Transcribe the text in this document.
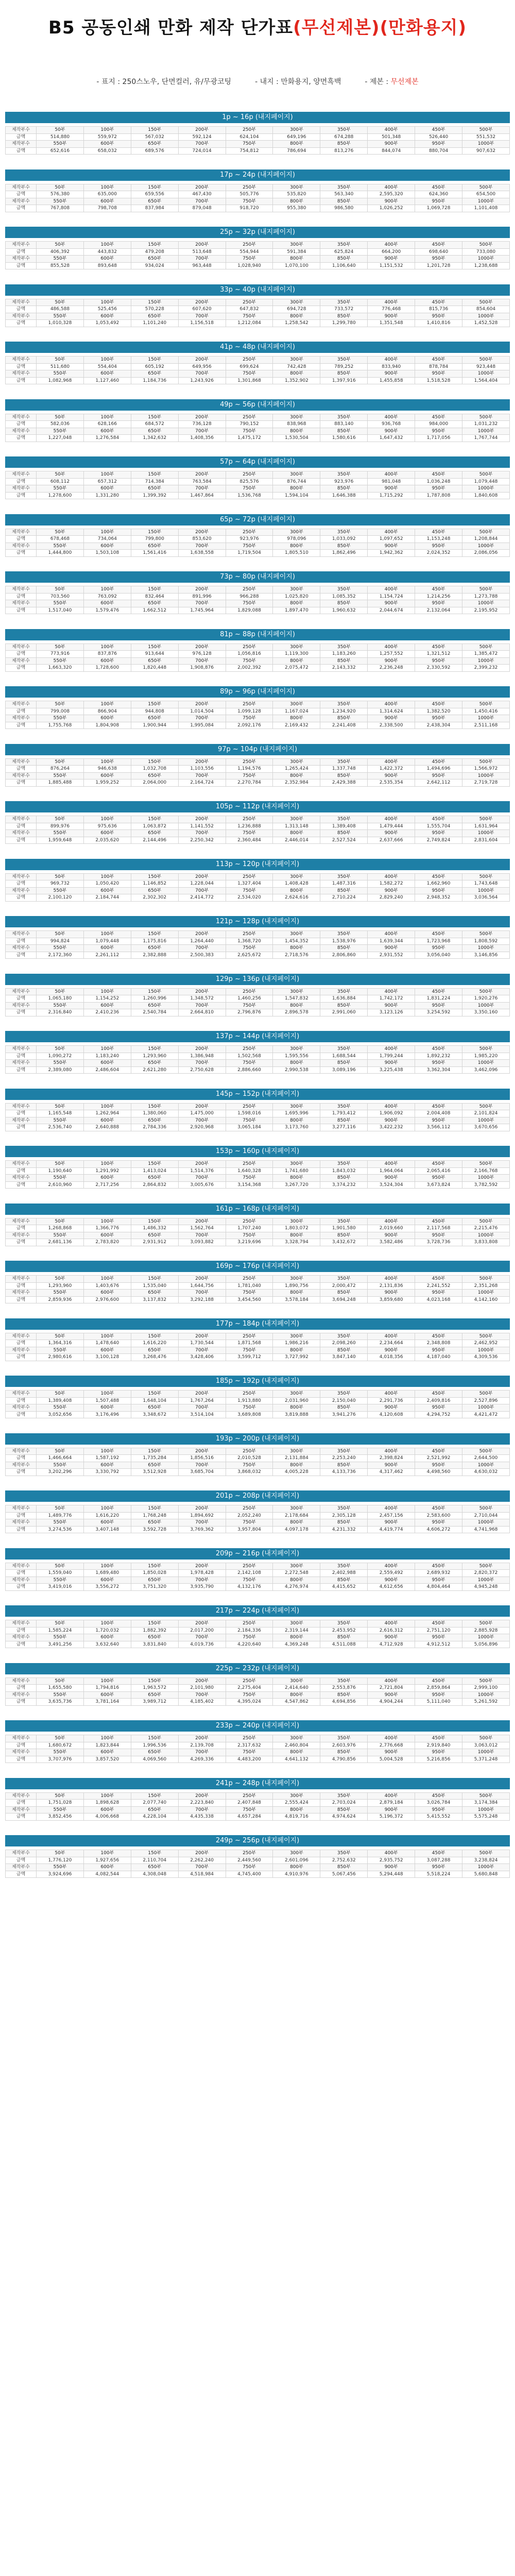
B5 공동인쇄 만화 제작 단가표(무선제본)(만화용지)
- 표지 : 250스노우, 단면컬러, 유/무광코팅	- 내지 : 만화용지, 양면흑백	- 제본 : 무선제본
1p ~ 16p (내지페이지)
제작부수	50부	100부	150부	200부	250부	300부	350부	400부	450부	500부
금액	514,880	559,972	567,032	592,124	624,104	649,196	674,288	501,348	526,440	551,532
제작부수	550부	600부	650부	700부	750부	800부	850부	900부	950부	1000부
금액	652,616	658,032	689,576	724,014	754,812	786,694	813,276	844,074	880,704	907,632
17p ~ 24p (내지페이지)
제작부수	50부	100부	150부	200부	250부	300부	350부	400부	450부	500부
금액	576,380	635,000	659,556	467,430	505,776	535,820	563,340	2,595,320	624,360	654,500
제작부수	550부	600부	650부	700부	750부	800부	850부	900부	950부	1000부
금액	767,808	798,708	837,984	879,048	918,720	955,380	986,580	1,026,252	1,069,728	1,101,408
25p ~ 32p (내지페이지)
제작부수	50부	100부	150부	200부	250부	300부	350부	400부	450부	500부
금액	406,392	443,832	479,208	513,648	554,944	591,384	625,824	664,200	698,640	733,080
제작부수	550부	600부	650부	700부	750부	800부	850부	900부	950부	1000부
금액	855,528	893,648	934,024	963,448	1,028,940	1,070,100	1,106,640	1,151,532	1,201,728	1,238,688
33p ~ 40p (내지페이지)
제작부수	50부	100부	150부	200부	250부	300부	350부	400부	450부	500부
금액	486,588	525,456	570,228	607,620	647,832	694,728	733,572	776,468	815,736	854,604
제작부수	550부	600부	650부	700부	750부	800부	850부	900부	950부	1000부
금액	1,010,328	1,053,492	1,101,240	1,156,518	1,212,084	1,258,542	1,299,780	1,351,548	1,410,816	1,452,528
41p ~ 48p (내지페이지)
제작부수	50부	100부	150부	200부	250부	300부	350부	400부	450부	500부
금액	511,680	554,404	605,192	649,956	699,624	742,428	789,252	833,940	878,784	923,448
제작부수	550부	600부	650부	700부	750부	800부	850부	900부	950부	1000부
금액	1,082,968	1,127,460	1,184,736	1,243,926	1,301,868	1,352,902	1,397,916	1,455,858	1,518,528	1,564,404
49p ~ 56p (내지페이지)
제작부수	50부	100부	150부	200부	250부	300부	350부	400부	450부	500부
금액	582,036	628,166	684,572	736,128	790,152	838,968	883,140	936,768	984,000	1,031,232
제작부수	550부	600부	650부	700부	750부	800부	850부	900부	950부	1000부
금액	1,227,048	1,276,584	1,342,632	1,408,356	1,475,172	1,530,504	1,580,616	1,647,432	1,717,056	1,767,744
57p ~ 64p (내지페이지)
제작부수	50부	100부	150부	200부	250부	300부	350부	400부	450부	500부
금액	608,112	657,312	714,384	763,584	825,576	876,744	923,976	981,048	1,036,248	1,079,448
제작부수	550부	600부	650부	700부	750부	800부	850부	900부	950부	1000부
금액	1,278,600	1,331,280	1,399,392	1,467,864	1,536,768	1,594,104	1,646,388	1,715,292	1,787,808	1,840,608
65p ~ 72p (내지페이지)
제작부수	50부	100부	150부	200부	250부	300부	350부	400부	450부	500부
금액	678,468	734,064	799,800	853,620	923,976	978,096	1,033,092	1,097,652	1,153,248	1,208,844
제작부수	550부	600부	650부	700부	750부	800부	850부	900부	950부	1000부
금액	1,444,800	1,503,108	1,561,416	1,638,558	1,719,504	1,805,510	1,862,496	1,942,362	2,024,352	2,086,056
73p ~ 80p (내지페이지)
제작부수	50부	100부	150부	200부	250부	300부	350부	400부	450부	500부
금액	703,560	763,092	832,464	891,996	966,288	1,025,820	1,085,352	1,154,724	1,214,256	1,273,788
제작부수	550부	600부	650부	700부	750부	800부	850부	900부	950부	1000부
금액	1,517,040	1,579,476	1,662,512	1,745,964	1,829,088	1,897,470	1,960,632	2,044,674	2,132,064	2,195,952
81p ~ 88p (내지페이지)
제작부수	50부	100부	150부	200부	250부	300부	350부	400부	450부	500부
금액	773,916	837,876	913,644	976,128	1,056,816	1,119,300	1,183,260	1,257,552	1,321,512	1,385,472
제작부수	550부	600부	650부	700부	750부	800부	850부	900부	950부	1000부
금액	1,663,320	1,728,600	1,820,448	1,908,876	2,002,392	2,075,472	2,143,332	2,236,248	2,330,592	2,399,232
89p ~ 96p (내지페이지)
제작부수	50부	100부	150부	200부	250부	300부	350부	400부	450부	500부
금액	799,008	866,904	944,808	1,014,504	1,099,128	1,167,024	1,234,920	1,314,624	1,382,520	1,450,416
제작부수	550부	600부	650부	700부	750부	800부	850부	900부	950부	1000부
금액	1,755,768	1,804,908	1,900,944	1,995,084	2,092,176	2,169,432	2,241,408	2,338,500	2,438,304	2,511,168
97p ~ 104p (내지페이지)
제작부수	50부	100부	150부	200부	250부	300부	350부	400부	450부	500부
금액	876,264	946,638	1,032,708	1,103,556	1,194,576	1,265,424	1,337,748	1,422,372	1,494,696	1,566,972
제작부수	550부	600부	650부	700부	750부	800부	850부	900부	950부	1000부
금액	1,885,488	1,959,252	2,064,000	2,164,724	2,270,784	2,352,984	2,429,388	2,535,354	2,642,112	2,719,728
105p ~ 112p (내지페이지)
제작부수	50부	100부	150부	200부	250부	300부	350부	400부	450부	500부
금액	899,976	975,636	1,063,872	1,141,552	1,236,888	1,313,148	1,389,408	1,479,444	1,555,704	1,631,964
제작부수	550부	600부	650부	700부	750부	800부	850부	900부	950부	1000부
금액	1,959,648	2,035,620	2,144,496	2,250,342	2,360,484	2,446,014	2,527,524	2,637,666	2,749,824	2,831,604
113p ~ 120p (내지페이지)
제작부수	50부	100부	150부	200부	250부	300부	350부	400부	450부	500부
금액	969,732	1,050,420	1,146,852	1,228,044	1,327,404	1,408,428	1,487,316	1,582,272	1,662,960	1,743,648
제작부수	550부	600부	650부	700부	750부	800부	850부	900부	950부	1000부
금액	2,100,120	2,184,744	2,302,302	2,414,772	2,534,020	2,624,616	2,710,224	2,829,240	2,948,352	3,036,564
121p ~ 128p (내지페이지)
제작부수	50부	100부	150부	200부	250부	300부	350부	400부	450부	500부
금액	994,824	1,079,448	1,175,816	1,264,440	1,368,720	1,454,352	1,538,976	1,639,344	1,723,968	1,808,592
제작부수	550부	600부	650부	700부	750부	800부	850부	900부	950부	1000부
금액	2,172,360	2,261,112	2,382,888	2,500,383	2,625,672	2,718,576	2,806,860	2,931,552	3,056,040	3,146,856
129p ~ 136p (내지페이지)
제작부수	50부	100부	150부	200부	250부	300부	350부	400부	450부	500부
금액	1,065,180	1,154,252	1,260,996	1,348,572	1,460,256	1,547,832	1,636,884	1,742,172	1,831,224	1,920,276
제작부수	550부	600부	650부	700부	750부	800부	850부	900부	950부	1000부
금액	2,316,840	2,410,236	2,540,784	2,664,810	2,796,876	2,896,578	2,991,060	3,123,126	3,254,592	3,350,160
137p ~ 144p (내지페이지)
제작부수	50부	100부	150부	200부	250부	300부	350부	400부	450부	500부
금액	1,090,272	1,183,240	1,293,960	1,386,948	1,502,568	1,595,556	1,688,544	1,799,244	1,892,232	1,985,220
제작부수	550부	600부	650부	700부	750부	800부	850부	900부	950부	1000부
금액	2,389,080	2,486,604	2,621,280	2,750,628	2,886,660	2,990,538	3,089,196	3,225,438	3,362,304	3,462,096
145p ~ 152p (내지페이지)
제작부수	50부	100부	150부	200부	250부	300부	350부	400부	450부	500부
금액	1,165,548	1,262,964	1,380,060	1,475,000	1,598,016	1,695,996	1,793,412	1,906,092	2,004,408	2,101,824
제작부수	550부	600부	650부	700부	750부	800부	850부	900부	950부	1000부
금액	2,536,740	2,640,888	2,784,336	2,920,968	3,065,184	3,173,760	3,277,116	3,422,232	3,566,112	3,670,656
153p ~ 160p (내지페이지)
제작부수	50부	100부	150부	200부	250부	300부	350부	400부	450부	500부
금액	1,190,640	1,291,992	1,413,024	1,514,376	1,640,328	1,741,680	1,843,032	1,964,064	2,065,416	2,166,768
제작부수	550부	600부	650부	700부	750부	800부	850부	900부	950부	1000부
금액	2,610,960	2,717,256	2,864,832	3,005,676	3,154,368	3,267,720	3,374,232	3,524,304	3,673,824	3,782,592
161p ~ 168p (내지페이지)
제작부수	50부	100부	150부	200부	250부	300부	350부	400부	450부	500부
금액	1,268,868	1,366,776	1,486,332	1,562,764	1,707,240	1,803,072	1,901,580	2,019,660	2,117,568	2,215,476
제작부수	550부	600부	650부	700부	750부	800부	850부	900부	950부	1000부
금액	2,681,136	2,783,820	2,931,912	3,093,882	3,219,696	3,328,794	3,432,672	3,582,486	3,728,736	3,833,808
169p ~ 176p (내지페이지)
제작부수	50부	100부	150부	200부	250부	300부	350부	400부	450부	500부
금액	1,293,960	1,403,676	1,535,040	1,644,756	1,781,040	1,890,756	2,000,472	2,131,836	2,241,552	2,351,268
제작부수	550부	600부	650부	700부	750부	800부	850부	900부	950부	1000부
금액	2,859,936	2,976,600	3,137,832	3,292,188	3,454,560	3,578,184	3,694,248	3,859,680	4,023,168	4,142,160
177p ~ 184p (내지페이지)
제작부수	50부	100부	150부	200부	250부	300부	350부	400부	450부	500부
금액	1,364,316	1,478,640	1,616,220	1,730,544	1,871,568	1,986,216	2,098,260	2,234,664	2,348,808	2,462,952
제작부수	550부	600부	650부	700부	750부	800부	850부	900부	950부	1000부
금액	2,980,616	3,100,128	3,268,476	3,428,406	3,599,712	3,727,992	3,847,140	4,018,356	4,187,040	4,309,536
185p ~ 192p (내지페이지)
제작부수	50부	100부	150부	200부	250부	300부	350부	400부	450부	500부
금액	1,389,408	1,507,488	1,648,104	1,767,264	1,913,880	2,031,960	2,150,040	2,291,736	2,409,816	2,527,896
제작부수	550부	600부	650부	700부	750부	800부	850부	900부	950부	1000부
금액	3,052,656	3,176,496	3,348,672	3,514,104	3,689,808	3,819,888	3,941,276	4,120,608	4,294,752	4,421,472
193p ~ 200p (내지페이지)
제작부수	50부	100부	150부	200부	250부	300부	350부	400부	450부	500부
금액	1,466,664	1,587,192	1,735,284	1,856,516	2,010,528	2,131,884	2,253,240	2,398,824	2,521,992	2,644,500
제작부수	550부	600부	650부	700부	750부	800부	850부	900부	950부	1000부
금액	3,202,296	3,330,792	3,512,928	3,685,704	3,868,032	4,005,228	4,133,736	4,317,462	4,498,560	4,630,032
201p ~ 208p (내지페이지)
제작부수	50부	100부	150부	200부	250부	300부	350부	400부	450부	500부
금액	1,489,776	1,616,220	1,768,248	1,894,692	2,052,240	2,178,684	2,305,128	2,457,156	2,583,600	2,710,044
제작부수	550부	600부	650부	700부	750부	800부	850부	900부	950부	1000부
금액	3,274,536	3,407,148	3,592,728	3,769,362	3,957,804	4,097,178	4,231,332	4,419,774	4,606,272	4,741,968
209p ~ 216p (내지페이지)
제작부수	50부	100부	150부	200부	250부	300부	350부	400부	450부	500부
금액	1,559,040	1,689,480	1,850,028	1,978,428	2,142,108	2,272,548	2,402,988	2,559,492	2,689,932	2,820,372
제작부수	550부	600부	650부	700부	750부	800부	850부	900부	950부	1000부
금액	3,419,016	3,556,272	3,751,320	3,935,790	4,132,176	4,276,974	4,415,652	4,612,656	4,804,464	4,945,248
217p ~ 224p (내지페이지)
제작부수	50부	100부	150부	200부	250부	300부	350부	400부	450부	500부
금액	1,585,224	1,720,032	1,882,392	2,017,200	2,184,336	2,319,144	2,453,952	2,616,312	2,751,120	2,885,928
제작부수	550부	600부	650부	700부	750부	800부	850부	900부	950부	1000부
금액	3,491,256	3,632,640	3,831,840	4,019,736	4,220,640	4,369,248	4,511,088	4,712,928	4,912,512	5,056,896
225p ~ 232p (내지페이지)
제작부수	50부	100부	150부	200부	250부	300부	350부	400부	450부	500부
금액	1,655,580	1,794,816	1,963,572	2,101,980	2,275,404	2,414,640	2,553,876	2,721,804	2,859,864	2,999,100
제작부수	550부	600부	650부	700부	750부	800부	850부	900부	950부	1000부
금액	3,635,736	3,781,164	3,989,712	4,185,402	4,395,024	4,547,862	4,694,856	4,904,244	5,111,040	5,261,592
233p ~ 240p (내지페이지)
제작부수	50부	100부	150부	200부	250부	300부	350부	400부	450부	500부
금액	1,680,672	1,823,844	1,996,536	2,139,708	2,317,632	2,460,804	2,603,976	2,776,668	2,919,840	3,063,012
제작부수	550부	600부	650부	700부	750부	800부	850부	900부	950부	1000부
금액	3,707,976	3,857,520	4,069,560	4,269,336	4,483,200	4,641,132	4,790,856	5,004,528	5,216,856	5,371,248
241p ~ 248p (내지페이지)
제작부수	50부	100부	150부	200부	250부	300부	350부	400부	450부	500부
금액	1,751,028	1,898,628	2,077,740	2,223,840	2,407,848	2,555,424	2,703,024	2,879,184	3,026,784	3,174,384
제작부수	550부	600부	650부	700부	750부	800부	850부	900부	950부	1000부
금액	3,852,456	4,006,668	4,228,104	4,435,338	4,657,284	4,819,716	4,974,624	5,196,372	5,415,552	5,575,248
249p ~ 256p (내지페이지)
제작부수	50부	100부	150부	200부	250부	300부	350부	400부	450부	500부
금액	1,776,120	1,927,656	2,110,704	2,262,240	2,449,560	2,601,096	2,752,632	2,935,752	3,087,288	3,238,824
제작부수	550부	600부	650부	700부	750부	800부	850부	900부	950부	1000부
금액	3,924,696	4,082,544	4,308,048	4,518,984	4,745,400	4,910,976	5,067,456	5,294,448	5,518,224	5,680,848
